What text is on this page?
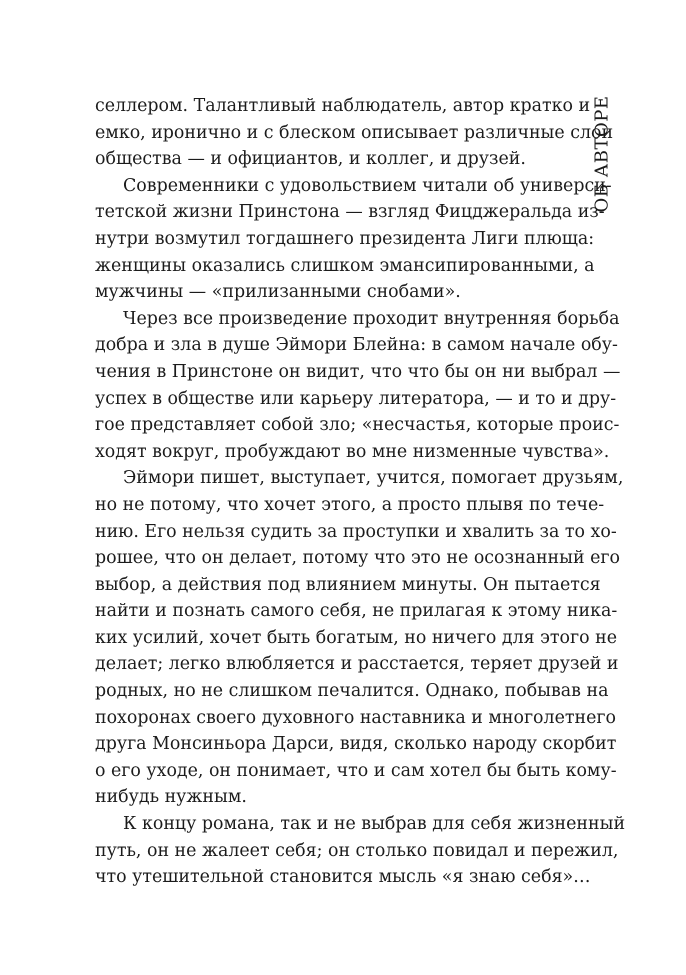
селлером. Талантливый наблюдатель, автор кратко и
емко, иронично и с блеском описывает различные слои
общества — и официантов, и коллег, и друзей.

Современники с удовольствием читали об универси-
тетской жизни Принстона — взгляд Фицджеральда из-
нутри возмутил тогдашнего президента Лиги плюща:
женщины оказались слишком эмансипированными, а
мужчины — «прилизанными снобами».

Через все произведение проходит внутренняя борьба
добра и зла в душе Эймори Блейна: в самом начале обу-
чения в Принстоне он видит, что что бы он ни выбрал —
успех в обществе или карьеру литератора, — и то и дру-
гое представляет собой зло; «несчастья, которые проис-
ходят вокруг, пробуждают во мне низменные чувства».

Эймори пишет, выступает, учится, помогает друзьям,
но не потому, что хочет этого, а просто плывя по тече-
нию. Его нельзя судить за проступки и хвалить за то хо-
рошее, что он делает, потому что это не осознанный его
выбор, а действия под влиянием минуты. Он пытается
найти и познать самого себя, не прилагая к этому ника-
ких усилий, хочет быть богатым, но ничего для этого не
делает; легко влюбляется и расстается, теряет друзей и
родных, но не слишком печалится. Однако, побывав на
похоронах своего духовного наставника и многолетнего
друга Монсиньора Дарси, видя, сколько народу скорбит
о его уходе, он понимает, что и сам хотел бы быть кому-
нибудь нужным.

К концу романа, так и не выбрав для себя жизненный
путь, он не жалеет себя; он столько повидал и пережил,
что утешительной становится мысль «я знаю себя»…

ОБ АВТОРЕ
